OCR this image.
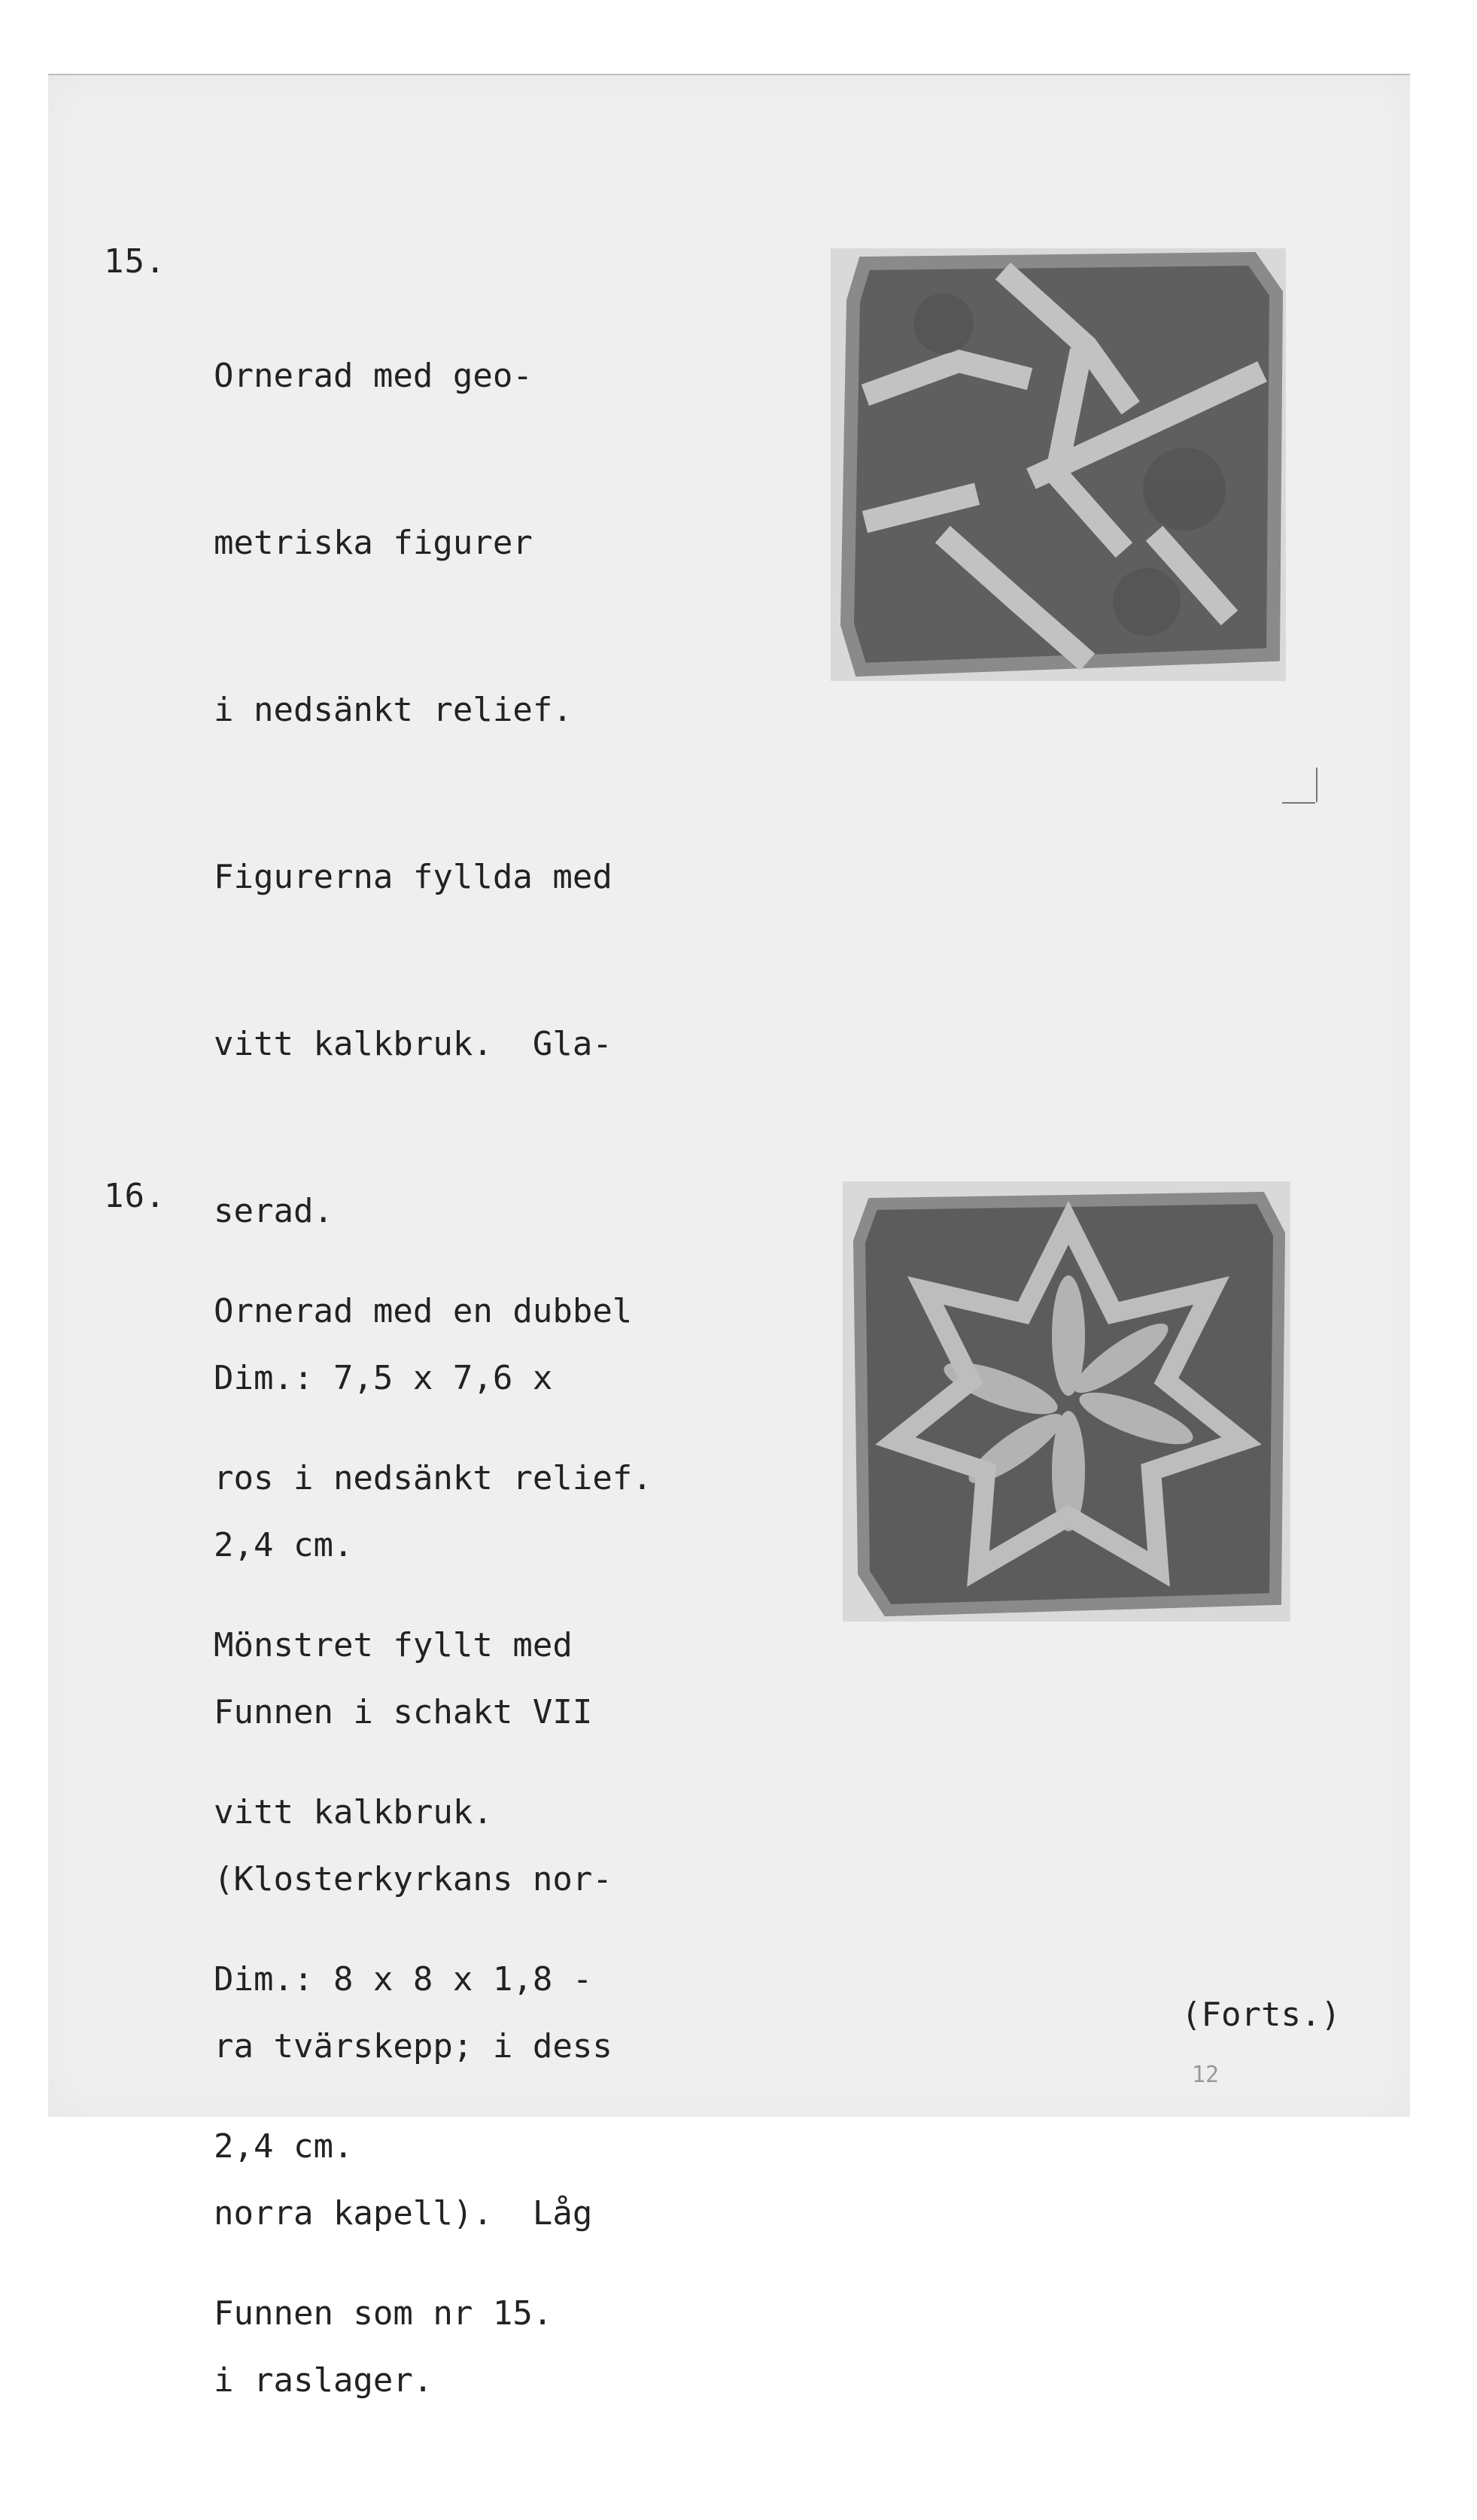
15.

Ornerad med geo-

metriska figurer

i nedsänkt relief.

Figurerna fyllda med

vitt kalkbruk.  Gla-

serad.

Dim.: 7,5 x 7,6 x

2,4 cm.

Funnen i schakt VII

(Klosterkyrkans nor-

ra tvärskepp; i dess

norra kapell).  Låg

i raslager.

16.

Ornerad med en dubbel

ros i nedsänkt relief.

Mönstret fyllt med

vitt kalkbruk.

Dim.: 8 x 8 x 1,8 -

2,4 cm.

Funnen som nr 15.

(Forts.)
12
